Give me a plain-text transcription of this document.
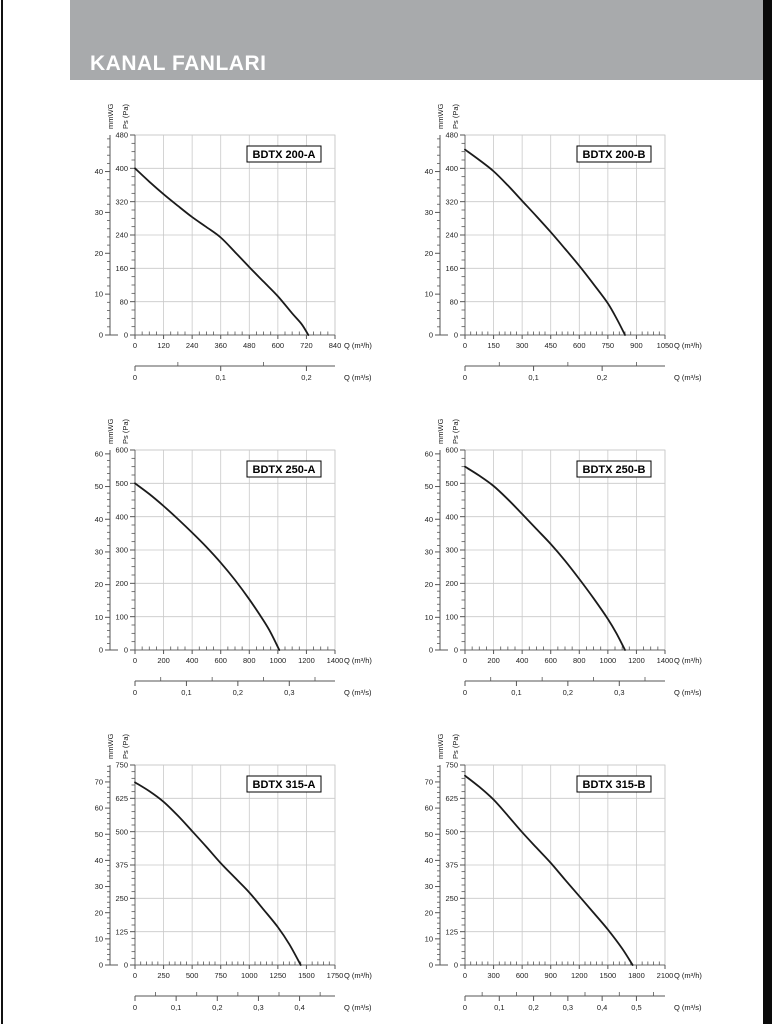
KANAL FANLARI
0
80
160
240
320
400
480
0
10
20
30
40
mmWG Ps (Pa)
0	120 240 360 480 600 720 840 Q (m³/h)
0	0,1	0,2	Q (m³/s)
BDTX 200-A
0
80
160
240
320
400
480
0
10
20
30
40
mmWG Ps (Pa)
0	150 300 450 600 750 900 1050 Q (m³/h)
0	0,1	0,2	Q (m³/s)
BDTX 200-B
0
100
200
300
400
500
600
0
10
20
30
40
50
60
mmWG Ps (Pa)
0	200 400 600 800 1000 1200 1400 Q (m³/h)
0	0,1	0,2	0,3	Q (m³/s)
BDTX 250-A
0
100
200
300
400
500
600
0
10
20
30
40
50
60
mmWG Ps (Pa)
0	200 400 600 800 1000 1200 1400 Q (m³/h)
0	0,1	0,2	0,3	Q (m³/s)
BDTX 250-B
0
125
250
375
500
625
750
0
10
20
30
40
50
60
70
mmWG Ps (Pa)
0	250 500 750 1000 1250 1500 1750 Q (m³/h)
0	0,1	0,2	0,3	0,4	Q (m³/s)
BDTX 315-A
0
125
250
375
500
625
750
0
10
20
30
40
50
60
70
mmWG Ps (Pa)
0	300 600 900 1200 1500 1800 2100 Q (m³/h)
0	0,1	0,2	0,3	0,4	0,5	Q (m³/s)
BDTX 315-B
